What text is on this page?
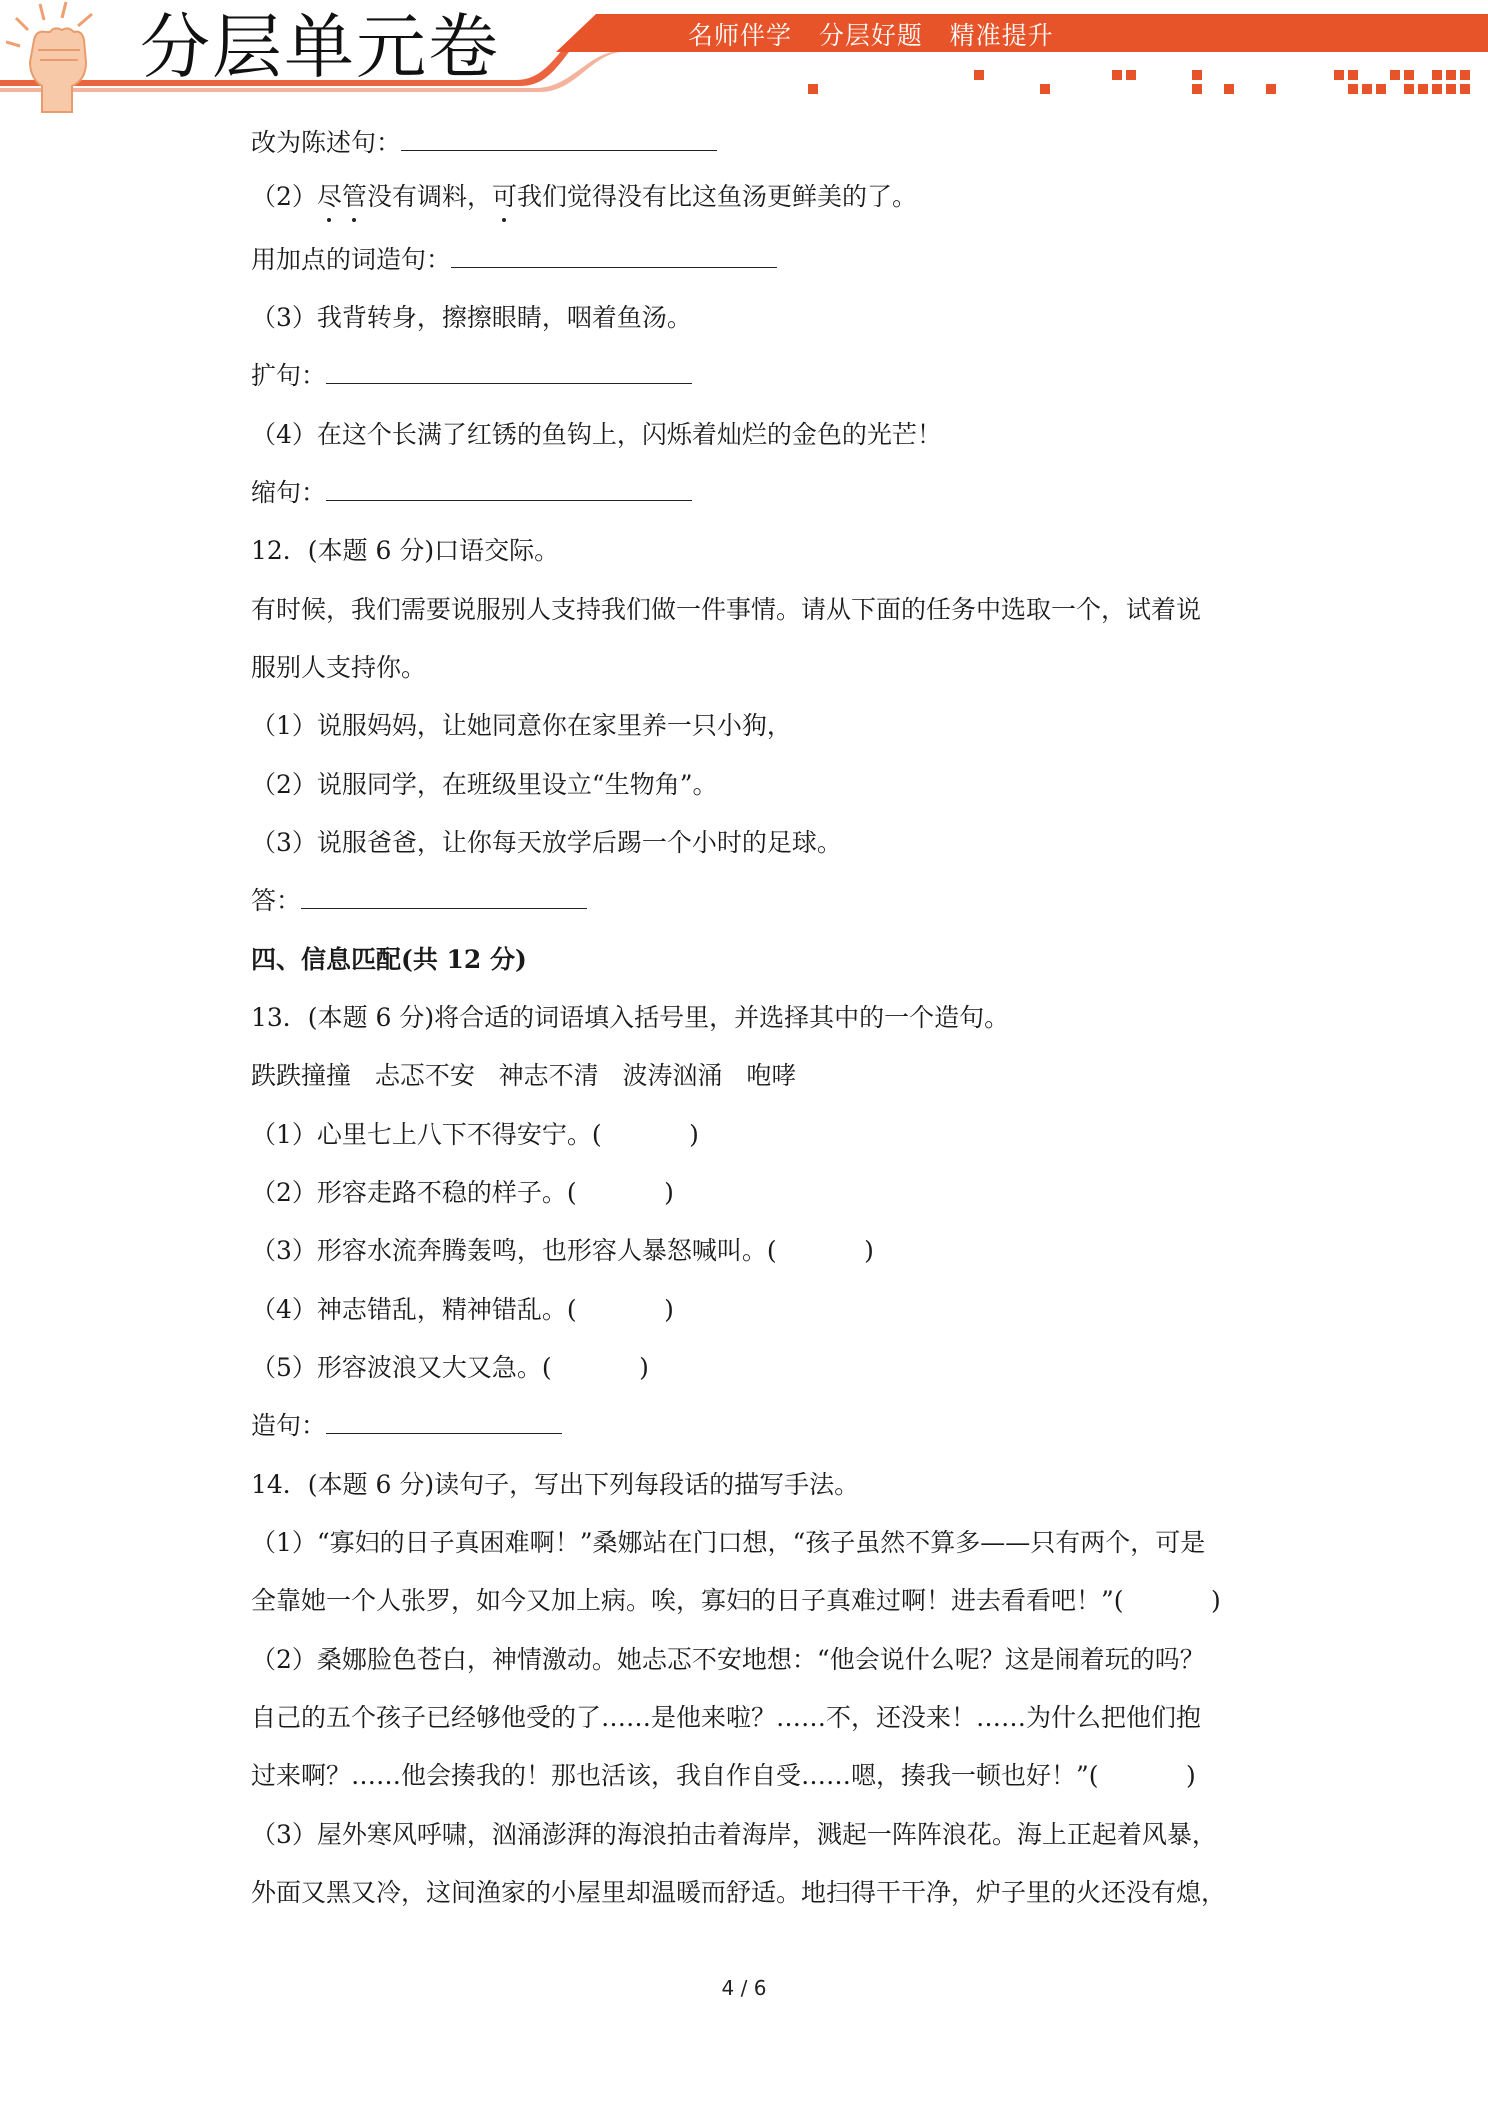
分层单元卷	名师伴学   分层好题   精准提升
改为陈述句：
（2）尽管没有调料，可我们觉得没有比这鱼汤更鲜美的了。
用加点的词造句：
（3）我背转身，擦擦眼睛，咽着鱼汤。
扩句：
（4）在这个长满了红锈的鱼钩上，闪烁着灿烂的金色的光芒！
缩句：
12．(本题 6 分)口语交际。
有时候，我们需要说服别人支持我们做一件事情。请从下面的任务中选取一个，试着说
服别人支持你。
（1）说服妈妈，让她同意你在家里养一只小狗，
（2）说服同学，在班级里设立“生物角”。
（3）说服爸爸，让你每天放学后踢一个小时的足球。
答：
四、信息匹配(共 12 分)
13．(本题 6 分)将合适的词语填入括号里，并选择其中的一个造句。
跌跌撞撞   忐忑不安   神志不清   波涛汹涌   咆哮
（1）心里七上八下不得安宁。(           )
（2）形容走路不稳的样子。(           )
（3）形容水流奔腾轰鸣，也形容人暴怒喊叫。(           )
（4）神志错乱，精神错乱。(           )
（5）形容波浪又大又急。(           )
造句：
14．(本题 6 分)读句子，写出下列每段话的描写手法。
（1）“寡妇的日子真困难啊！”桑娜站在门口想，“孩子虽然不算多——只有两个，可是
全靠她一个人张罗，如今又加上病。唉，寡妇的日子真难过啊！进去看看吧！”(           )
（2）桑娜脸色苍白，神情激动。她忐忑不安地想：“他会说什么呢？这是闹着玩的吗？
自己的五个孩子已经够他受的了……是他来啦？……不，还没来！……为什么把他们抱
过来啊？……他会揍我的！那也活该，我自作自受……嗯，揍我一顿也好！”(           )
（3）屋外寒风呼啸，汹涌澎湃的海浪拍击着海岸，溅起一阵阵浪花。海上正起着风暴，
外面又黑又冷，这间渔家的小屋里却温暖而舒适。地扫得干干净，炉子里的火还没有熄，
4 / 6
